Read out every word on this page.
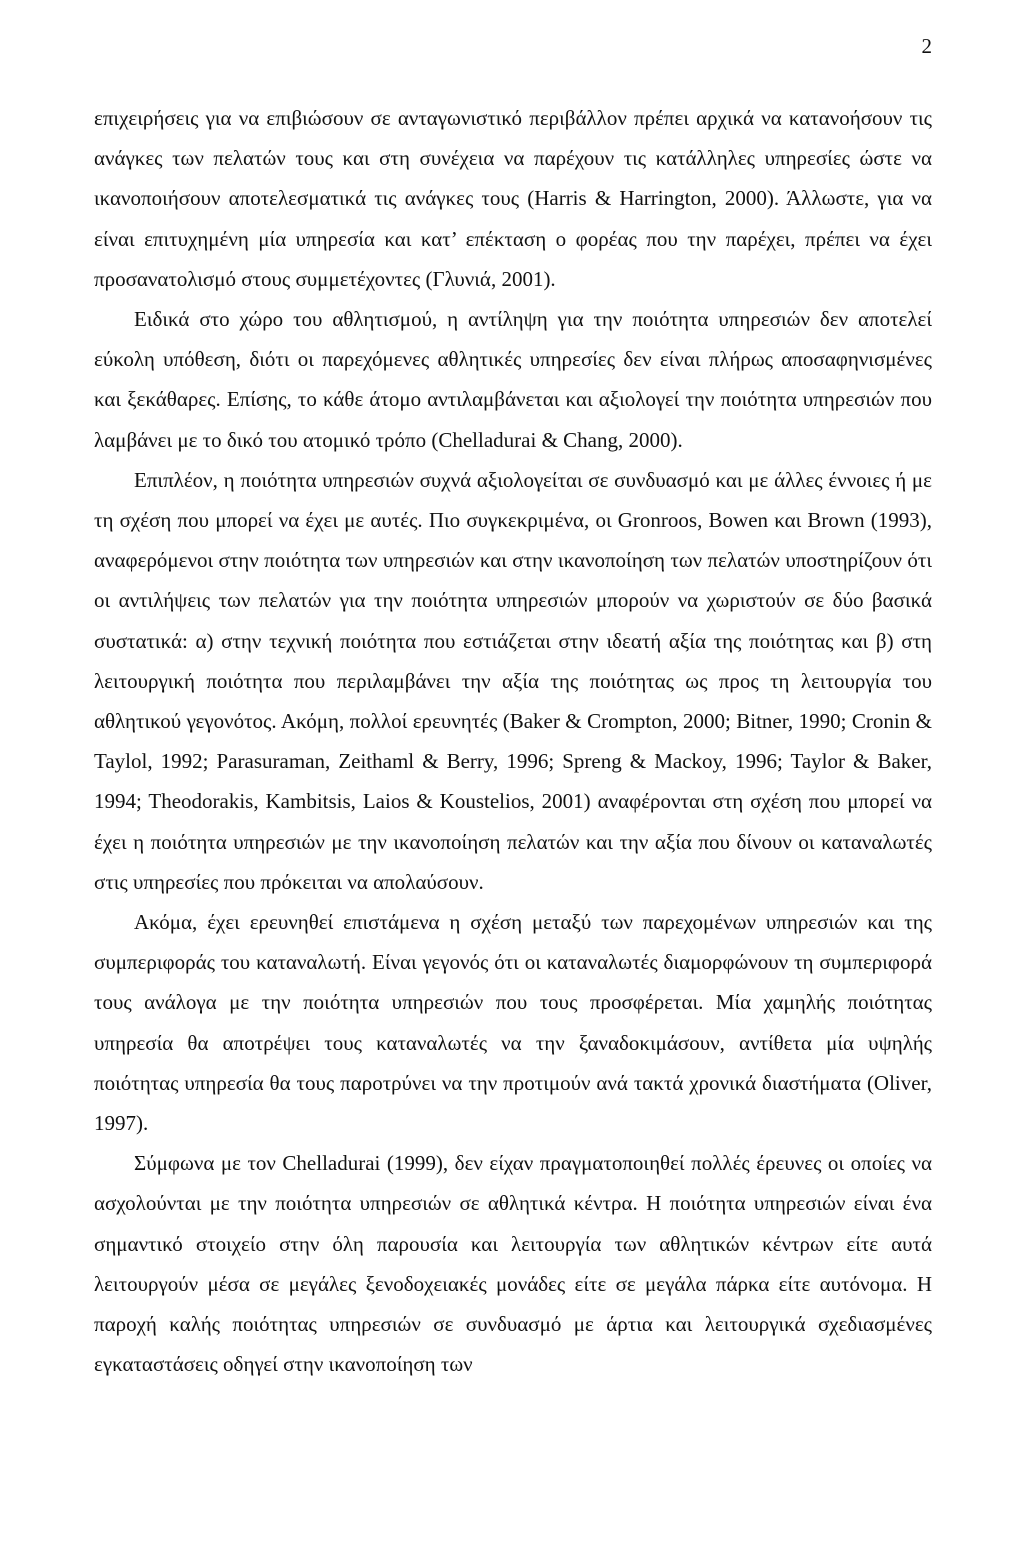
2

επιχειρήσεις για να επιβιώσουν σε ανταγωνιστικό περιβάλλον πρέπει αρχικά να κατανοήσουν τις ανάγκες των πελατών τους και στη συνέχεια να παρέχουν τις κατάλληλες υπηρεσίες ώστε να ικανοποιήσουν αποτελεσματικά τις ανάγκες τους (Harris & Harrington, 2000). Άλλωστε, για να είναι επιτυχημένη μία υπηρεσία και κατ’ επέκταση ο φορέας που την παρέχει, πρέπει να έχει προσανατολισμό στους συμμετέχοντες (Γλυνιά, 2001).

Ειδικά στο χώρο του αθλητισμού, η αντίληψη για την ποιότητα υπηρεσιών δεν αποτελεί εύκολη υπόθεση, διότι οι παρεχόμενες αθλητικές υπηρεσίες δεν είναι πλήρως αποσαφηνισμένες και ξεκάθαρες. Επίσης, το κάθε άτομο αντιλαμβάνεται και αξιολογεί την ποιότητα υπηρεσιών που λαμβάνει με το δικό του ατομικό τρόπο (Chelladurai & Chang, 2000).

Επιπλέον, η ποιότητα υπηρεσιών συχνά αξιολογείται σε συνδυασμό και με άλλες έννοιες ή με τη σχέση που μπορεί να έχει με αυτές. Πιο συγκεκριμένα, οι Gronroos, Bowen και Brown (1993), αναφερόμενοι στην ποιότητα των υπηρεσιών και στην ικανοποίηση των πελατών υποστηρίζουν ότι οι αντιλήψεις των πελατών για την ποιότητα υπηρεσιών μπορούν να χωριστούν σε δύο βασικά συστατικά: α) στην τεχνική ποιότητα που εστιάζεται στην ιδεατή αξία της ποιότητας και β) στη λειτουργική ποιότητα που περιλαμβάνει την αξία της ποιότητας ως προς τη λειτουργία του αθλητικού γεγονότος. Ακόμη, πολλοί ερευνητές (Baker & Crompton, 2000; Bitner, 1990; Cronin & Taylol, 1992; Parasuraman, Zeithaml & Berry, 1996; Spreng & Mackoy, 1996; Taylor & Baker, 1994; Theodorakis, Kambitsis, Laios & Koustelios, 2001) αναφέρονται στη σχέση που μπορεί να έχει η ποιότητα υπηρεσιών με την ικανοποίηση πελατών και την αξία που δίνουν οι καταναλωτές στις υπηρεσίες που πρόκειται να απολαύσουν.

Ακόμα, έχει ερευνηθεί επιστάμενα η σχέση μεταξύ των παρεχομένων υπηρεσιών και της συμπεριφοράς του καταναλωτή. Είναι γεγονός ότι οι καταναλωτές διαμορφώνουν τη συμπεριφορά τους ανάλογα με την ποιότητα υπηρεσιών που τους προσφέρεται. Μία χαμηλής ποιότητας υπηρεσία θα αποτρέψει τους καταναλωτές να την ξαναδοκιμάσουν, αντίθετα μία υψηλής ποιότητας υπηρεσία θα τους παροτρύνει να την προτιμούν ανά τακτά χρονικά διαστήματα (Oliver, 1997).

Σύμφωνα με τον Chelladurai (1999), δεν είχαν πραγματοποιηθεί πολλές έρευνες οι οποίες να ασχολούνται με την ποιότητα υπηρεσιών σε αθλητικά κέντρα. Η ποιότητα υπηρεσιών είναι ένα σημαντικό στοιχείο στην όλη παρουσία και λειτουργία των αθλητικών κέντρων είτε αυτά λειτουργούν μέσα σε μεγάλες ξενοδοχειακές μονάδες είτε σε μεγάλα πάρκα είτε αυτόνομα. Η παροχή καλής ποιότητας υπηρεσιών σε συνδυασμό με άρτια και λειτουργικά σχεδιασμένες εγκαταστάσεις οδηγεί στην ικανοποίηση των
